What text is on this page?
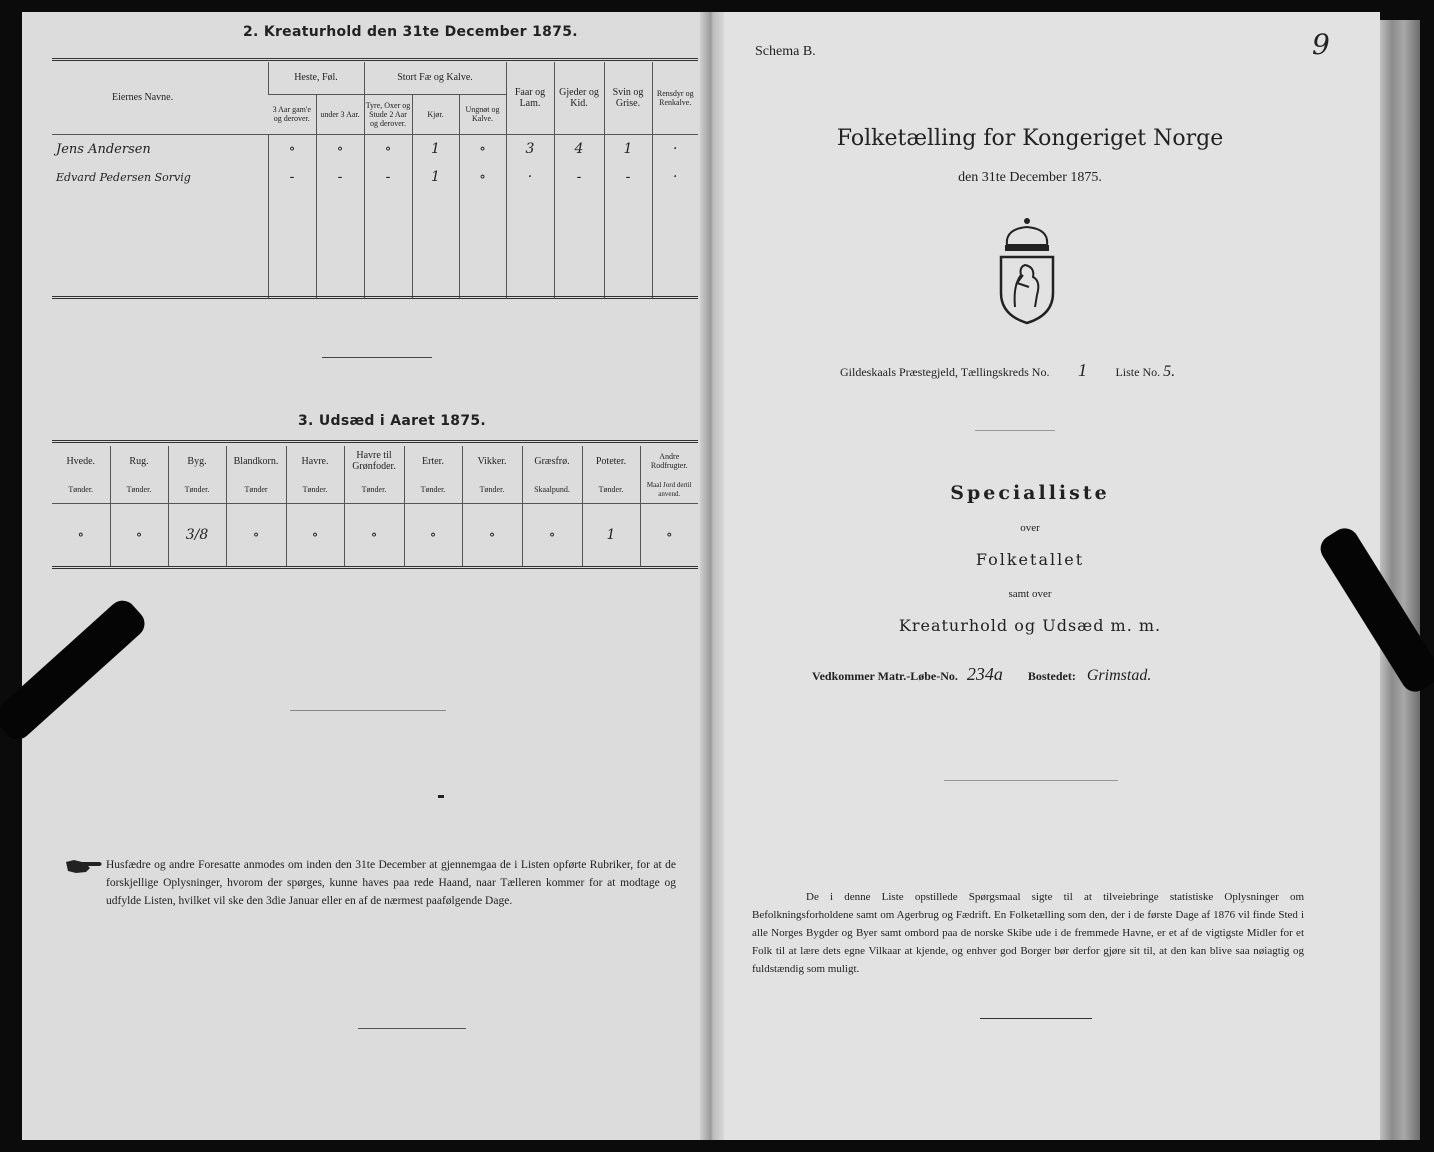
2. Kreaturhold den 31te December 1875.
Eiernes Navne.	Heste, Føl.		Stort Fæ og Kalve.			Faar og Lam.	Gjeder og Kid.	Svin og Grise.	Rensdyr og Renkalve.
	3 Aar gam'e og derover.	under 3 Aar.	Tyre, Oxer og Stude 2 Aar og derover.	Kjør.	Ungnøt og Kalve.				
Jens Andersen	∘	∘	∘	1	∘	3	4	1	·
Edvard Pedersen Sorvig	-	-	-	1	∘	·	-	-	·

3. Udsæd i Aaret 1875.
Hvede.	Rug.	Byg.	Blandkorn.	Havre.	Havre til Grønfoder.	Erter.	Vikker.	Græsfrø.	Poteter.	Andre Rodfrugter.
Tønder.	Tønder.	Tønder.	Tønder	Tønder.	Tønder.	Tønder.	Tønder.	Skaalpund.	Tønder.	Maal Jord dertil anvend.
∘	∘	3/8	∘	∘	∘	∘	∘	∘	1	∘
Husfædre og andre Foresatte anmodes om inden den 31te December at gjennemgaa de i Listen opførte Rubriker, for at de forskjellige Oplysninger, hvorom der spørges, kunne haves paa rede Haand, naar Tælleren kommer for at modtage og udfylde Listen, hvilket vil ske den 3die Januar eller en af de nærmest paafølgende Dage.
Schema B.	9
Folketælling for Kongeriget Norge
den 31te December 1875.
Gildeskaals Præstegjeld, Tællingskreds No. 1 Liste No. 5.
Specialliste
over
Folketallet
samt over
Kreaturhold og Udsæd m. m.
Vedkommer Matr.-Løbe-No. 234a Bostedet: Grimstad.
De i denne Liste opstillede Spørgsmaal sigte til at tilveiebringe statistiske Oplysninger om Befolkningsforholdene samt om Agerbrug og Fædrift. En Folketælling som den, der i de første Dage af 1876 vil finde Sted i alle Norges Bygder og Byer samt ombord paa de norske Skibe ude i de fremmede Havne, er et af de vigtigste Midler for et Folk til at lære dets egne Vilkaar at kjende, og enhver god Borger bør derfor gjøre sit til, at den kan blive saa nøiagtig og fuldstændig som muligt.
